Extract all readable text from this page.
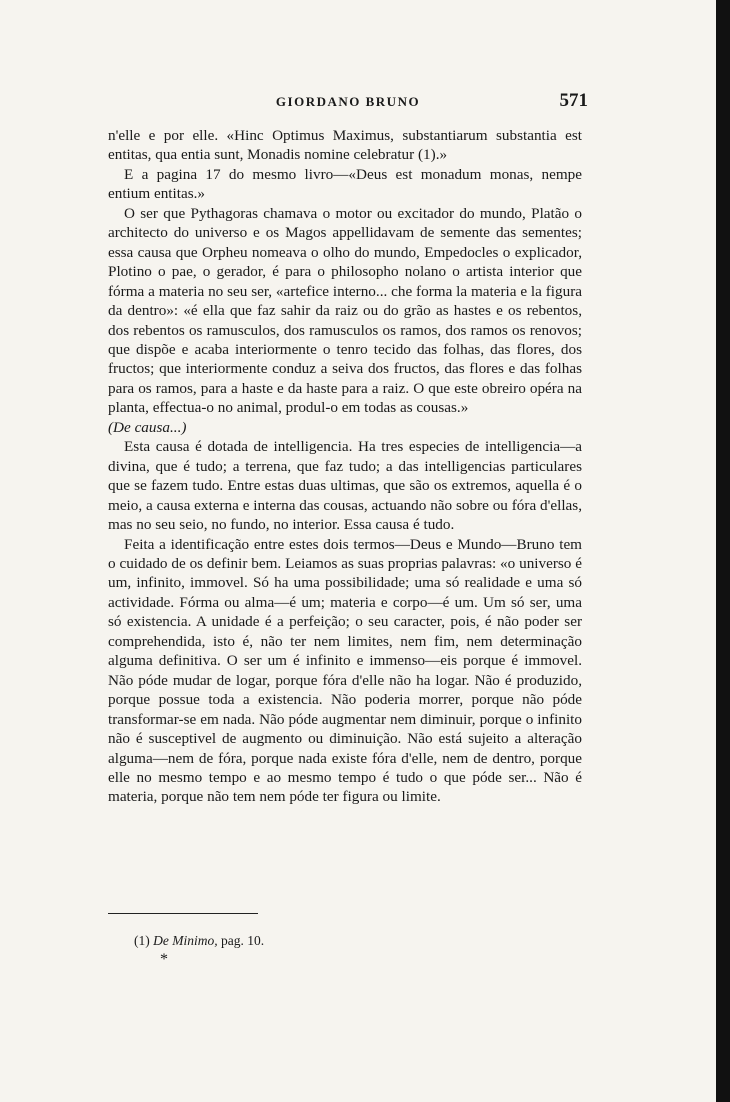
GIORDANO BRUNO	571

n'elle e por elle. «Hinc Optimus Maximus, substantiarum substantia est entitas, qua entia sunt, Monadis nomine celebratur (1).»

E a pagina 17 do mesmo livro—«Deus est monadum monas, nempe entium entitas.»

O ser que Pythagoras chamava o motor ou excitador do mundo, Platão o architecto do universo e os Magos appellidavam de semente das sementes; essa causa que Orpheu nomeava o olho do mundo, Empedocles o explicador, Plotino o pae, o gerador, é para o philosopho nolano o artista interior que fórma a materia no seu ser, «artefice interno... che forma la materia e la figura da dentro»: «é ella que faz sahir da raiz ou do grão as hastes e os rebentos, dos rebentos os ramusculos, dos ramusculos os ramos, dos ramos os renovos; que dispõe e acaba interiormente o tenro tecido das folhas, das flores, dos fructos; que interiormente conduz a seiva dos fructos, das flores e das folhas para os ramos, para a haste e da haste para a raiz. O que este obreiro opéra na planta, effectua-o no animal, produl-o em todas as cousas.»

(De causa...)

Esta causa é dotada de intelligencia. Ha tres especies de intelligencia—a divina, que é tudo; a terrena, que faz tudo; a das intelligencias particulares que se fazem tudo. Entre estas duas ultimas, que são os extremos, aquella é o meio, a causa externa e interna das cousas, actuando não sobre ou fóra d'ellas, mas no seu seio, no fundo, no interior. Essa causa é tudo.

Feita a identificação entre estes dois termos—Deus e Mundo—Bruno tem o cuidado de os definir bem. Leiamos as suas proprias palavras: «o universo é um, infinito, immovel. Só ha uma possibilidade; uma só realidade e uma só actividade. Fórma ou alma—é um; materia e corpo—é um. Um só ser, uma só existencia. A unidade é a perfeição; o seu caracter, pois, é não poder ser comprehendida, isto é, não ter nem limites, nem fim, nem determinação alguma definitiva. O ser um é infinito e immenso—eis porque é immovel. Não póde mudar de logar, porque fóra d'elle não ha logar. Não é produzido, porque possue toda a existencia. Não poderia morrer, porque não póde transformar-se em nada. Não póde augmentar nem diminuir, porque o infinito não é susceptivel de augmento ou diminuição. Não está sujeito a alteração alguma—nem de fóra, porque nada existe fóra d'elle, nem de dentro, porque elle no mesmo tempo e ao mesmo tempo é tudo o que póde ser... Não é materia, porque não tem nem póde ter figura ou limite.

(1) De Minimo, pag. 10.
*
